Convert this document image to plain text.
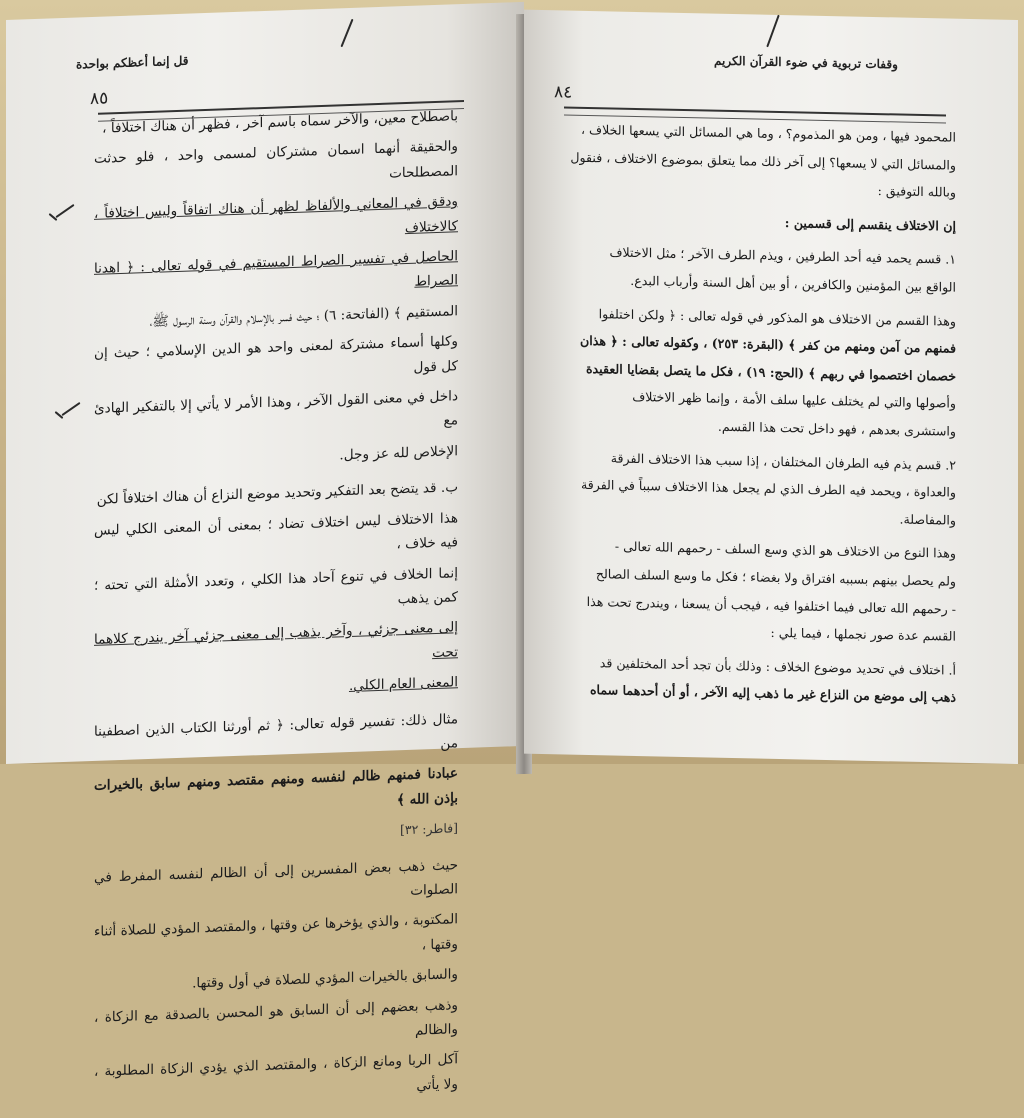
قل إنما أعظكم بواحدة
٨٥

باصطلاح معين، والآخر سماه باسم آخر ، فظهر أن هناك اختلافاً ،

والحقيقة أنهما اسمان مشتركان لمسمى واحد ، فلو حدثت المصطلحات

ودقق في المعاني والألفاظ لظهر أن هناك اتفاقاً وليس اختلافاً ، كالاختلاف

الحاصل في تفسير الصراط المستقيم في قوله تعالى : ﴿ اهدنا الصراط

المستقيم ﴾ (الفاتحة: ٦) ؛ حيث فسر بالإسلام والقرآن وسنة الرسول ﷺ،

وكلها أسماء مشتركة لمعنى واحد هو الدين الإسلامي ؛ حيث إن كل قول

داخل في معنى القول الآخر ، وهذا الأمر لا يأتي إلا بالتفكير الهادئ مع

الإخلاص لله عز وجل.

ب. قد يتضح بعد التفكير وتحديد موضع النزاع أن هناك اختلافاً لكن

هذا الاختلاف ليس اختلاف تضاد ؛ بمعنى أن المعنى الكلي ليس فيه خلاف ،

إنما الخلاف في تنوع آحاد هذا الكلي ، وتعدد الأمثلة التي تحته ؛ كمن يذهب

إلى معنى جزئي ، وآخر يذهب إلى معنى جزئي آخر يندرج كلاهما تحت

المعنى العام الكلي.

مثال ذلك: تفسير قوله تعالى: ﴿ ثم أورثنا الكتاب الذين اصطفينا من

عبادنا فمنهم ظالم لنفسه ومنهم مقتصد ومنهم سابق بالخيرات بإذن الله ﴾

[فاطر: ٣٢]

حيث ذهب بعض المفسرين إلى أن الظالم لنفسه المفرط في الصلوات

المكتوبة ، والذي يؤخرها عن وقتها ، والمقتصد المؤدي للصلاة أثناء وقتها ،

والسابق بالخيرات المؤدي للصلاة في أول وقتها.

وذهب بعضهم إلى أن السابق هو المحسن بالصدقة مع الزكاة ، والظالم

آكل الربا ومانع الزكاة ، والمقتصد الذي يؤدي الزكاة المطلوبة ، ولا يأتي

وقفات تربوية في ضوء القرآن الكريم
٨٤

المحمود فيها ، ومن هو المذموم؟ ، وما هي المسائل التي يسعها الخلاف ،

والمسائل التي لا يسعها؟ إلى آخر ذلك مما يتعلق بموضوع الاختلاف ، فنقول

وبالله التوفيق :

إن الاختلاف ينقسم إلى قسمين :

١. قسم يحمد فيه أحد الطرفين ، ويذم الطرف الآخر ؛ مثل الاختلاف

الواقع بين المؤمنين والكافرين ، أو بين أهل السنة وأرباب البدع.

وهذا القسم من الاختلاف هو المذكور في قوله تعالى : ﴿ ولكن اختلفوا

فمنهم من آمن ومنهم من كفر ﴾ (البقرة: ٢٥٣) ، وكقوله تعالى : ﴿ هذان

خصمان اختصموا في ربهم ﴾ (الحج: ١٩) ، فكل ما يتصل بقضايا العقيدة

وأصولها والتي لم يختلف عليها سلف الأمة ، وإنما ظهر الاختلاف

واستشرى بعدهم ، فهو داخل تحت هذا القسم.

٢. قسم يذم فيه الطرفان المختلفان ، إذا سبب هذا الاختلاف الفرقة

والعداوة ، ويحمد فيه الطرف الذي لم يجعل هذا الاختلاف سبباً في الفرقة

والمفاصلة.

وهذا النوع من الاختلاف هو الذي وسع السلف - رحمهم الله تعالى -

ولم يحصل بينهم بسببه افتراق ولا بغضاء ؛ فكل ما وسع السلف الصالح

- رحمهم الله تعالى فيما اختلفوا فيه ، فيجب أن يسعنا ، ويندرج تحت هذا

القسم عدة صور نجملها ، فيما يلي :

أ. اختلاف في تحديد موضوع الخلاف : وذلك بأن تجد أحد المختلفين قد

ذهب إلى موضع من النزاع غير ما ذهب إليه الآخر ، أو أن أحدهما سماه
